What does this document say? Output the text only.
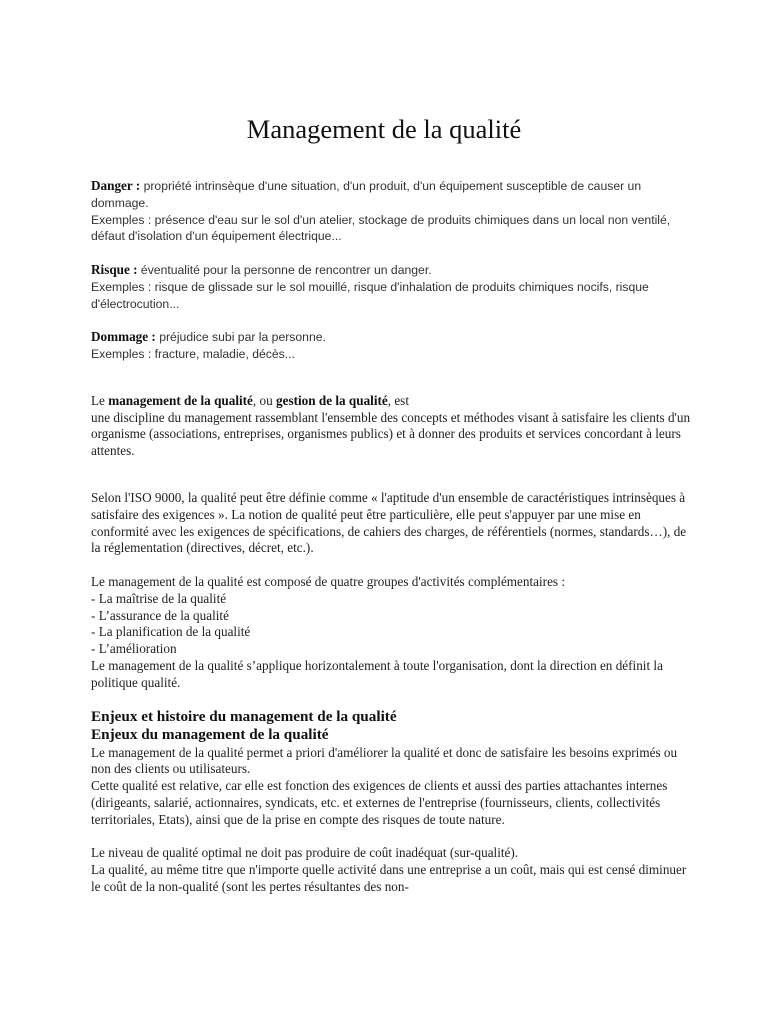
Management de la qualité

Danger : propriété intrinsèque d'une situation, d'un produit, d'un équipement susceptible de causer un dommage.

Exemples : présence d'eau sur le sol d'un atelier, stockage de produits chimiques dans un local non ventilé, défaut d'isolation d'un équipement électrique...

Risque : éventualité pour la personne de rencontrer un danger.

Exemples : risque de glissade sur le sol mouillé, risque d'inhalation de produits chimiques nocifs, risque d'électrocution...

Dommage : préjudice subi par la personne.

Exemples : fracture, maladie, décès...

Le management de la qualité, ou gestion de la qualité, est

une discipline du management rassemblant l'ensemble des concepts et méthodes visant à satisfaire les clients d'un organisme (associations, entreprises, organismes publics) et à donner des produits et services concordant à leurs attentes.

Selon l'ISO 9000, la qualité peut être définie comme « l'aptitude d'un ensemble de caractéristiques intrinsèques à satisfaire des exigences ». La notion de qualité peut être particulière, elle peut s'appuyer par une mise en conformité avec les exigences de spécifications, de cahiers des charges, de référentiels (normes, standards…), de la réglementation (directives, décret, etc.).

Le management de la qualité est composé de quatre groupes d'activités complémentaires :

- La maîtrise de la qualité

- L’assurance de la qualité

- La planification de la qualité

- L’amélioration

Le management de la qualité s’applique horizontalement à toute l'organisation, dont la direction en définit la politique qualité.

Enjeux et histoire du management de la qualité
Enjeux du management de la qualité

Le management de la qualité permet a priori d'améliorer la qualité et donc de satisfaire les besoins exprimés ou non des clients ou utilisateurs.

Cette qualité est relative, car elle est fonction des exigences de clients et aussi des parties attachantes internes (dirigeants, salarié, actionnaires, syndicats, etc. et externes de l'entreprise (fournisseurs, clients, collectivités territoriales, Etats), ainsi que de la prise en compte des risques de toute nature.

Le niveau de qualité optimal ne doit pas produire de coût inadéquat (sur-qualité).

La qualité, au même titre que n'importe quelle activité dans une entreprise a un coût, mais qui est censé diminuer le coût de la non-qualité (sont les pertes résultantes des non-
